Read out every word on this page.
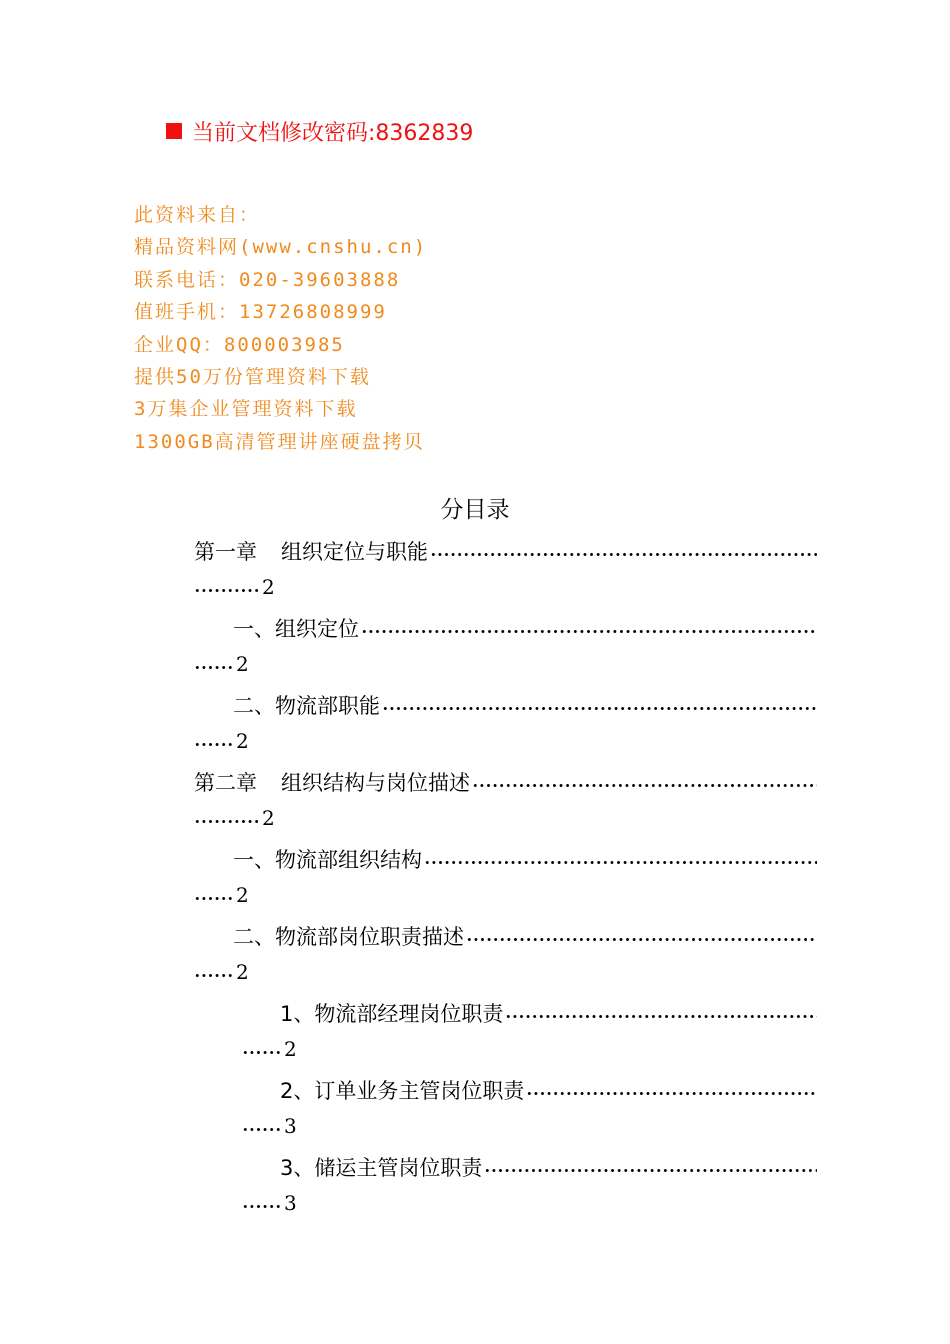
当前文档修改密码:8362839
此资料来自：
精品资料网(www.cnshu.cn)
联系电话：020-39603888
值班手机：13726808999
企业QQ：800003985
提供50万份管理资料下载
3万集企业管理资料下载
1300GB高清管理讲座硬盘拷贝
分目录
第一章 组织定位与职能
2
一、组织定位
2
二、物流部职能
2
第二章 组织结构与岗位描述
2
一、物流部组织结构
2
二、物流部岗位职责描述
2
1、物流部经理岗位职责
2
2、订单业务主管岗位职责
3
3、储运主管岗位职责
3
